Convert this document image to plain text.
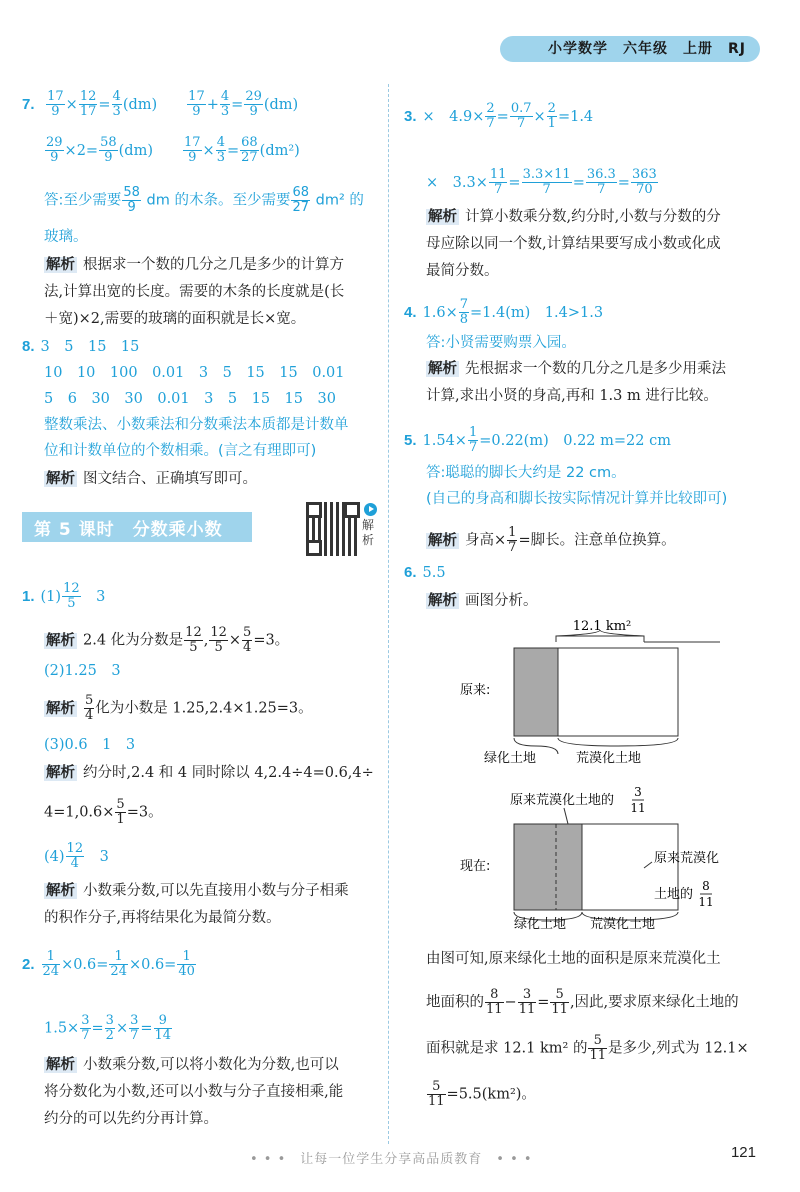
小学数学　六年级　上册　RJ
7. $\frac{17}{9} \times \frac{12}{17} = \frac{4}{3} (dm)$　　 $\frac{17}{9} + \frac{4}{3} = \frac{29}{9} (dm)$
$\frac{29}{9} \times 2= \frac{58}{9} (dm)$　　 $\frac{17}{9} \times \frac{4}{3} = \frac{68}{27} (dm^2)$
答:至少需要 $\frac{58}{9}$ dm 的木条。至少需要 $\frac{68}{27} dm^2$ 的
玻璃。
解析 根据求一个数的几分之几是多少的计算方
法,计算出宽的长度。需要的木条的长度就是(长
＋宽)×2,需要的玻璃的面积就是长×宽。
8. 3　5　15　15
10　10　100　0.01　3　5　15　15　0.01
5　6　30　30　0.01　3　5　15　15　30
整数乘法、小数乘法和分数乘法本质都是计数单
位和计数单位的个数相乘。(言之有理即可)
解析 图文结合、正确填写即可。
第 5 课时　分数乘小数	解析
1. $(1) \frac{12}{5}$ 　3
解析 2.4 化为分数是 $\frac{12}{5}$ , $\frac{12}{5} \times \frac{5}{4} =3$。
(2)1.25　3
解析 $\frac{5}{4}$ 化为小数是 1.25,2.4×1.25=3。
(3)0.6　1　3
解析 约分时,2.4 和 4 同时除以 4,2.4÷4=0.6,4÷
$4=1,0.6\times \frac{5}{1} =3$。
$(4) \frac{12}{4}$ 　3
解析 小数乘分数,可以先直接用小数与分子相乘
的积作分子,再将结果化为最简分数。
2. $\frac{1}{24} \times 0.6= \frac{1}{24} \times 0.6= \frac{1}{40}$
$1.5\times \frac{3}{7} = \frac{3}{2} \times \frac{3}{7} = \frac{9}{14}$
解析 小数乘分数,可以将小数化为分数,也可以
将分数化为小数,还可以小数与分子直接相乘,能
约分的可以先约分再计算。
3. ×　$4.9\times \frac{2}{7} = \frac{0.7}{7} \times \frac{2}{1} =1.4$
×　$3.3\times \frac{11}{7} = \frac{3.3\times 11}{7} = \frac{36.3}{7} = \frac{363}{70}$
解析 计算小数乘分数,约分时,小数与分数的分
母应除以同一个数,计算结果要写成小数或化成
最简分数。
4. $1.6\times \frac{7}{8} =1.4(m)$　1.4>1.3
答:小贤需要购票入园。
解析 先根据求一个数的几分之几是多少用乘法
计算,求出小贤的身高,再和 1.3 m 进行比较。
5. $1.54\times \frac{1}{7} =0.22(m)$　0.22 m=22 cm
答:聪聪的脚长大约是 22 cm。
(自己的身高和脚长按实际情况计算并比较即可)
解析 身高× $\frac{1}{7}$ =脚长。注意单位换算。
6. 5.5
解析 画图分析。
12.1 km²
原来:
绿化土地	荒漠化土地
原来荒漠化土地的
3
11
现在:
原来荒漠化
土地的
8
11
绿化土地 荒漠化土地
由图可知,原来绿化土地的面积是原来荒漠化土
地面积的 $\frac{8}{11} - \frac{3}{11} = \frac{5}{11}$ ,因此,要求原来绿化土地的
面积就是求 12.1 km² 的 $\frac{5}{11}$ 是多少,列式为 12.1×
$\frac{5}{11} =5.5(km^2)$。
• • •　让每一位学生分享高品质教育　• • •	121
